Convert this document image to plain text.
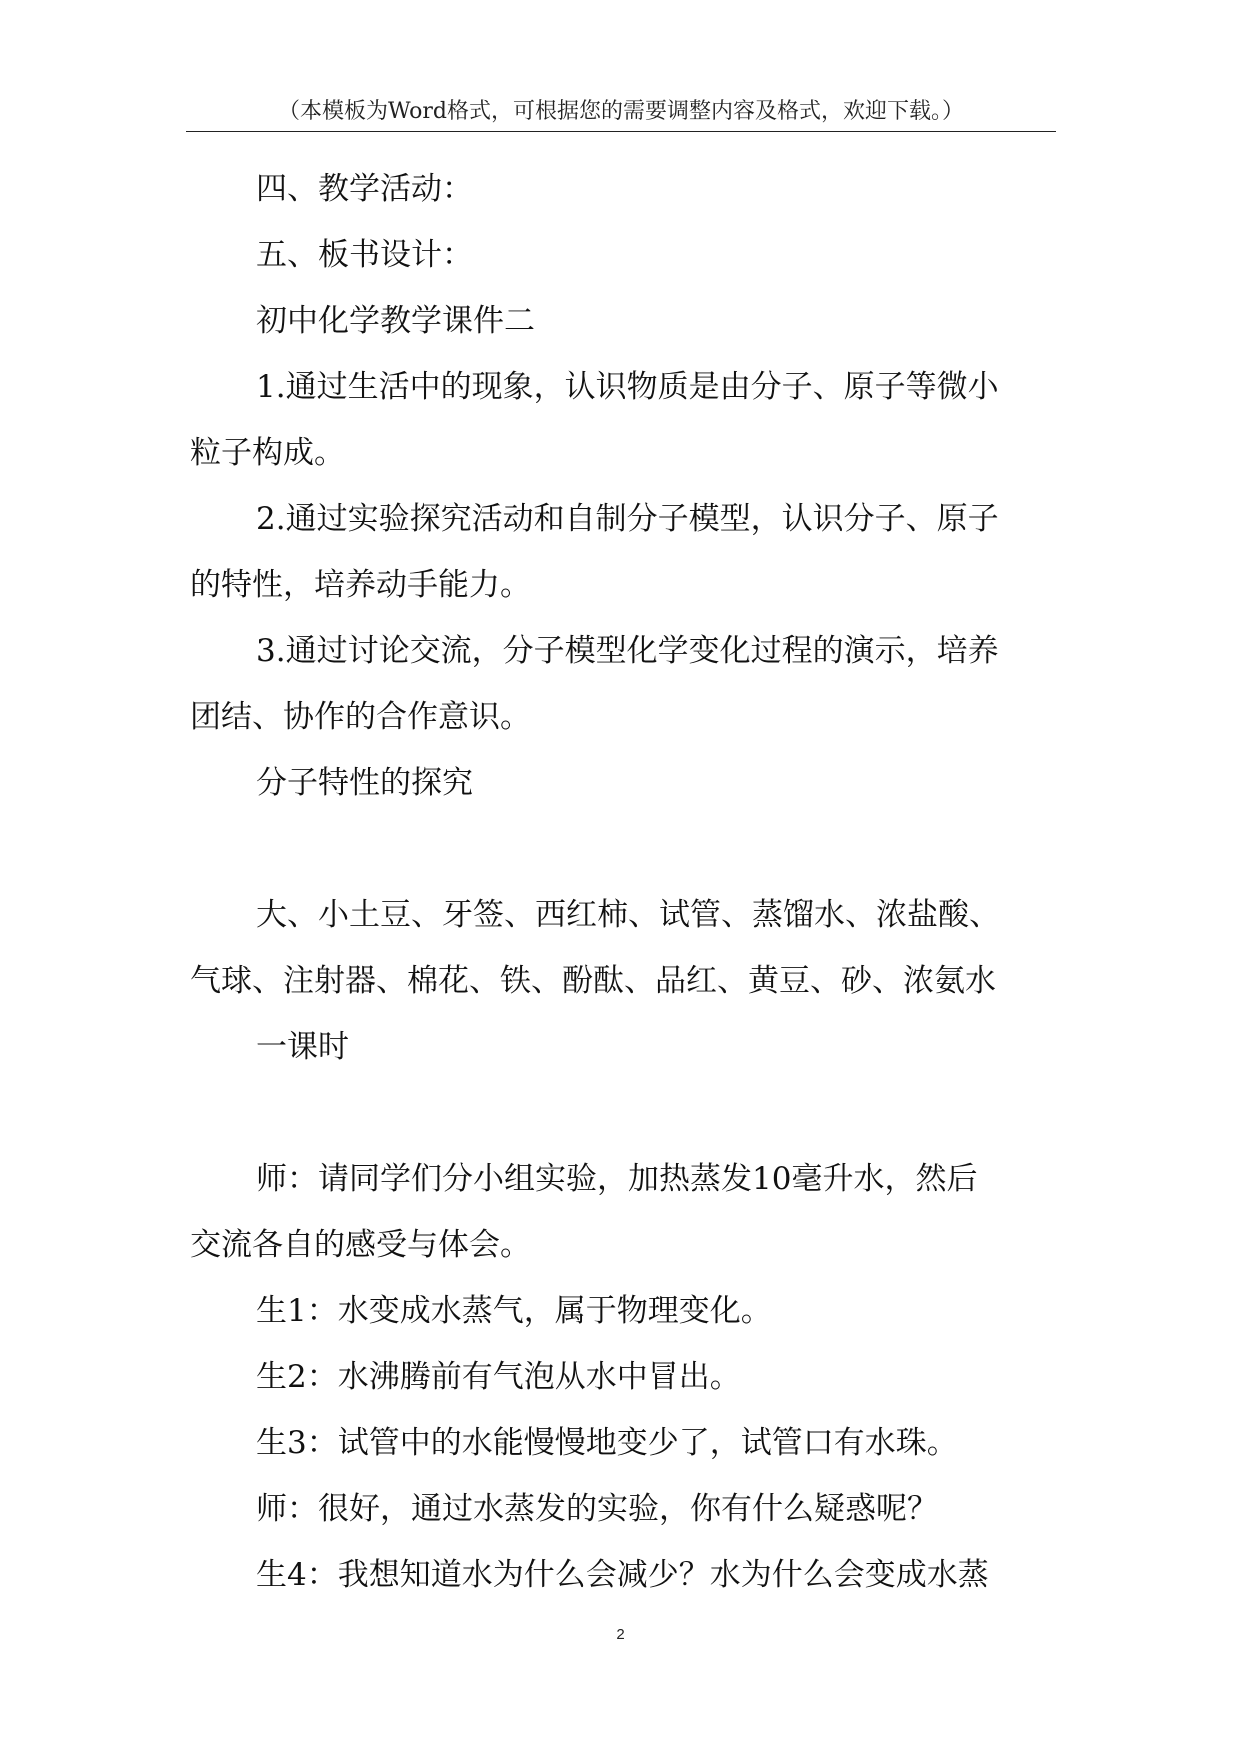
（本模板为Word格式，可根据您的需要调整内容及格式，欢迎下载。）
四、教学活动：
五、板书设计：
初中化学教学课件二
1.通过生活中的现象，认识物质是由分子、原子等微小
粒子构成。
2.通过实验探究活动和自制分子模型，认识分子、原子
的特性，培养动手能力。
3.通过讨论交流，分子模型化学变化过程的演示，培养
团结、协作的合作意识。
分子特性的探究
大、小土豆、牙签、西红柿、试管、蒸馏水、浓盐酸、
气球、注射器、棉花、铁、酚酞、品红、黄豆、砂、浓氨水
一课时
师：请同学们分小组实验，加热蒸发10毫升水，然后
交流各自的感受与体会。
生1：水变成水蒸气，属于物理变化。
生2：水沸腾前有气泡从水中冒出。
生3：试管中的水能慢慢地变少了，试管口有水珠。
师：很好，通过水蒸发的实验，你有什么疑惑呢？
生4：我想知道水为什么会减少？水为什么会变成水蒸
2
